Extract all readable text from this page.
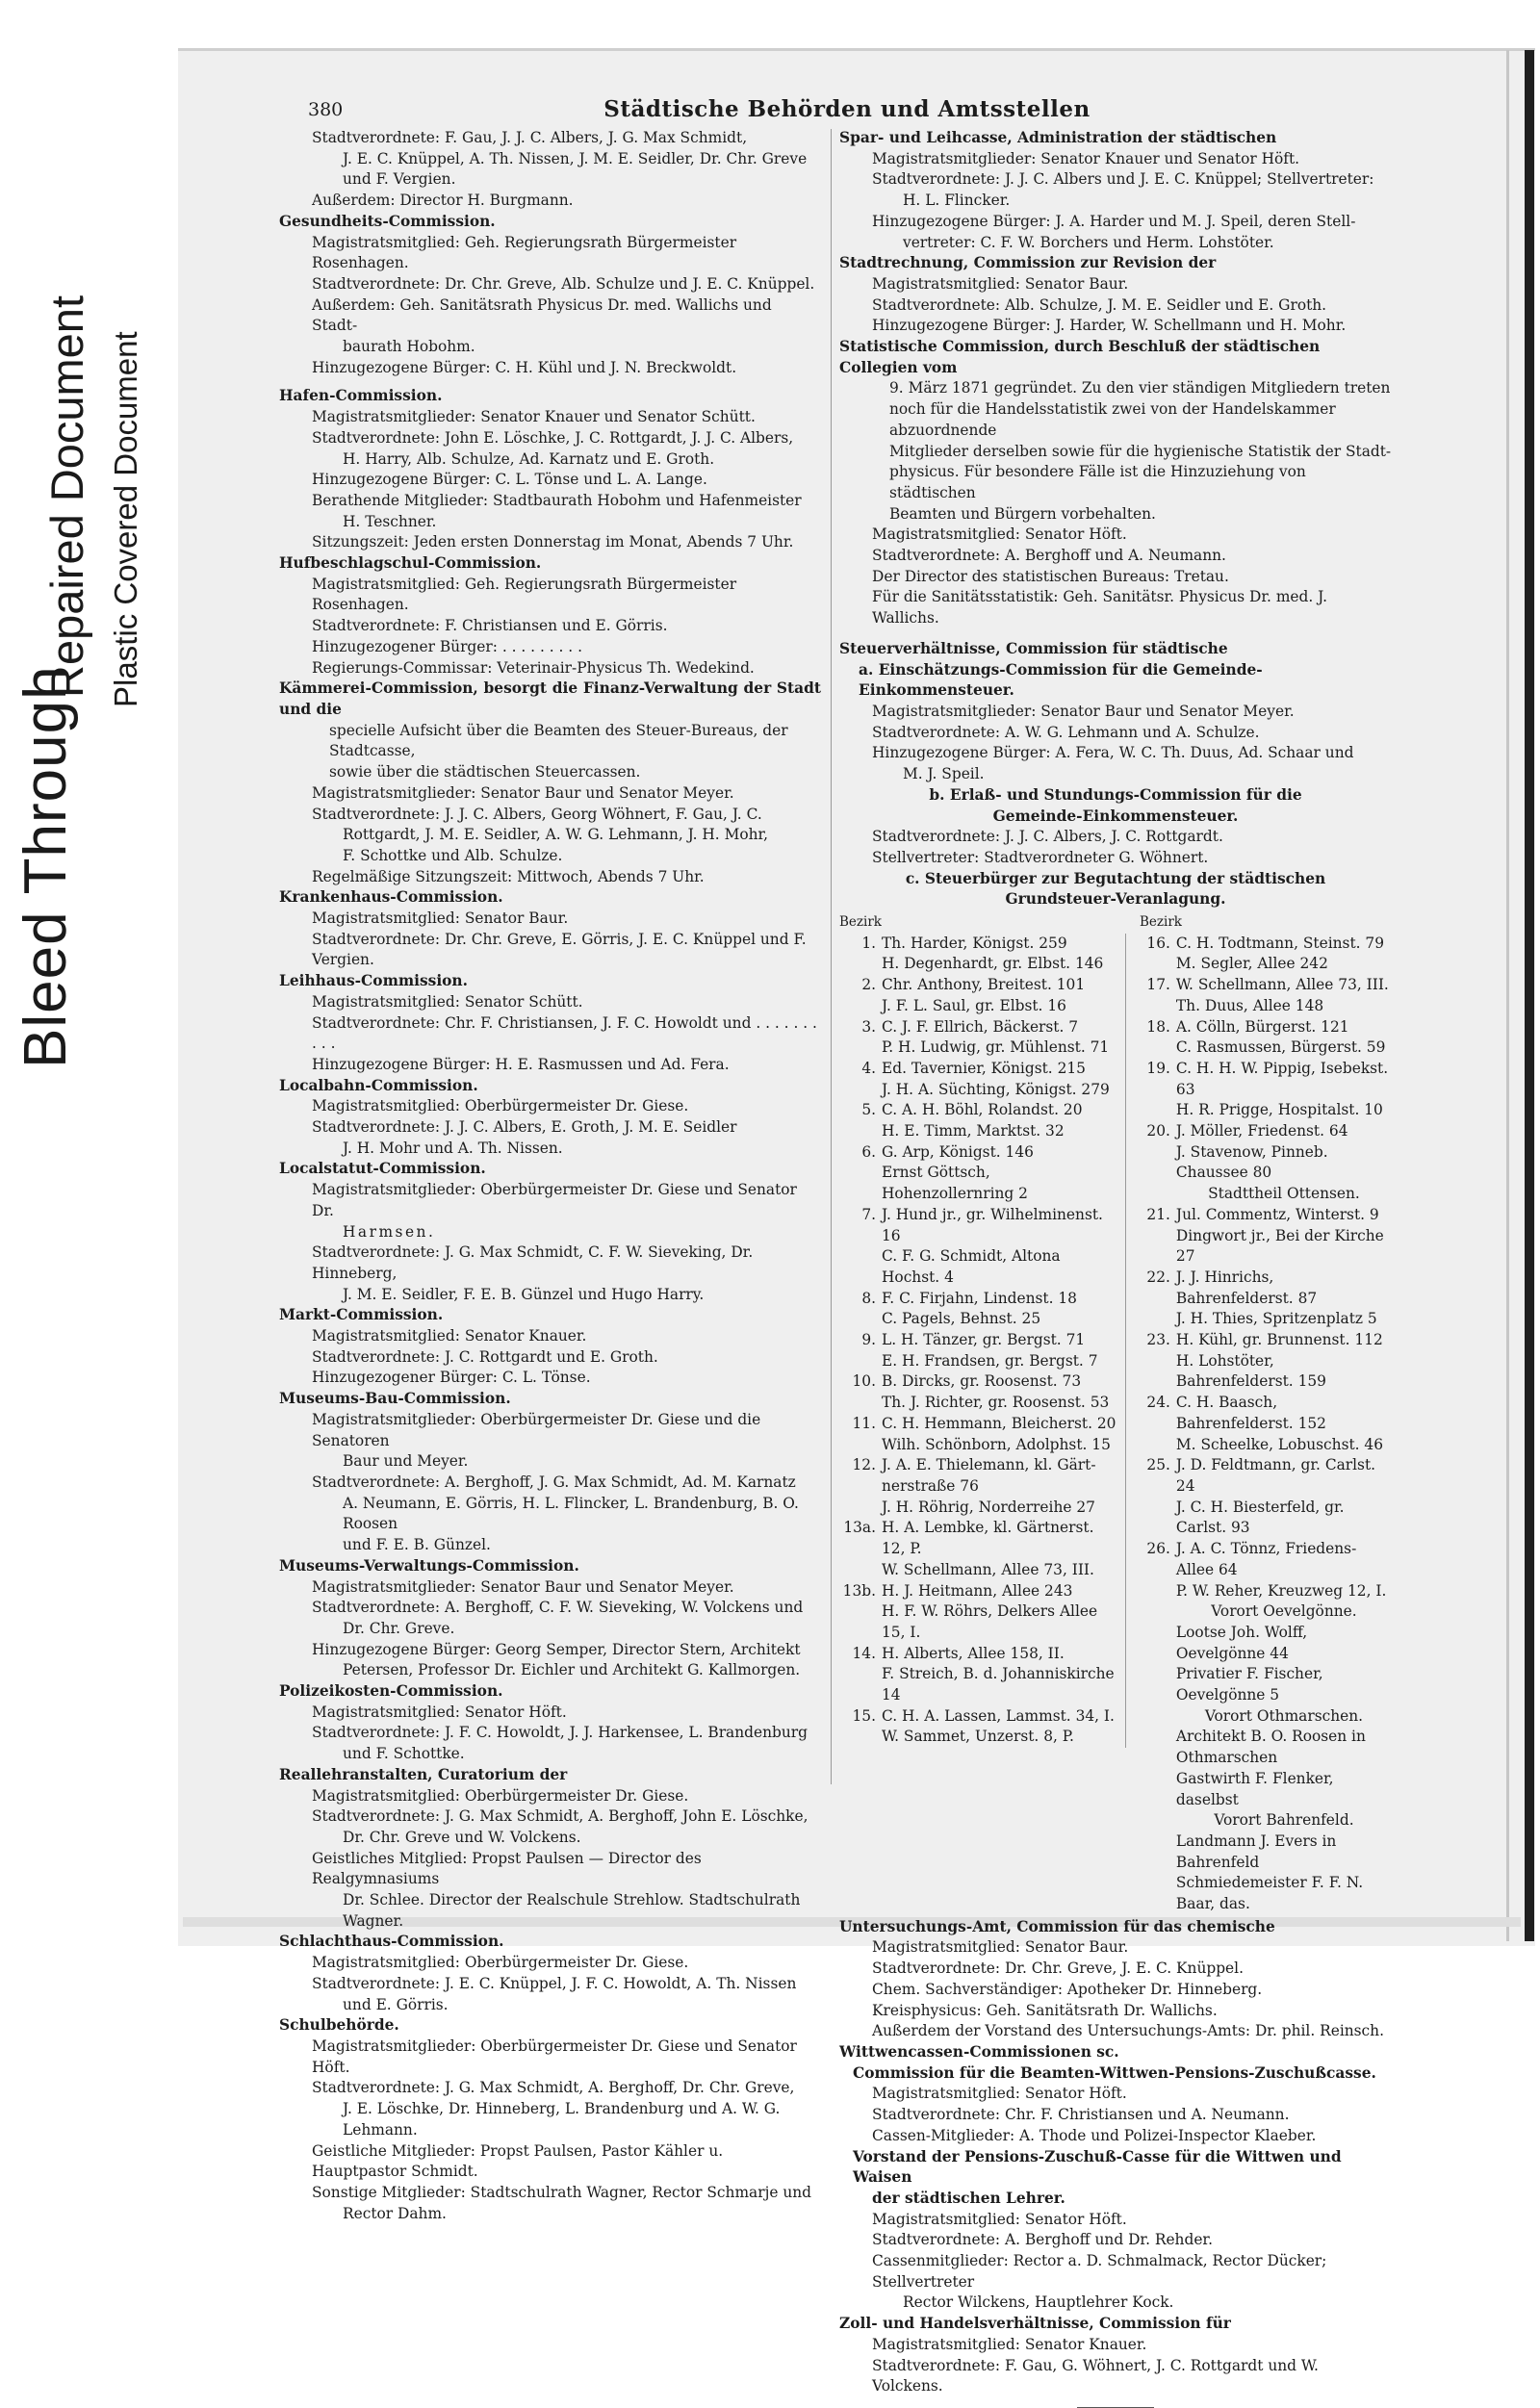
Bleed Through
Repaired Document Plastic Covered Document
380	Städtische Behörden und Amtsstellen

Stadtverordnete: F. Gau, J. J. C. Albers, J. G. Max Schmidt,

J. E. C. Knüppel, A. Th. Nissen, J. M. E. Seidler, Dr. Chr. Greve

und F. Vergien.

Außerdem: Director H. Burgmann.

Gesundheits-Commission.

Magistratsmitglied: Geh. Regierungsrath Bürgermeister Rosenhagen.

Stadtverordnete: Dr. Chr. Greve, Alb. Schulze und J. E. C. Knüppel.

Außerdem: Geh. Sanitätsrath Physicus Dr. med. Wallichs und Stadt-

baurath Hobohm.

Hinzugezogene Bürger: C. H. Kühl und J. N. Breckwoldt.

Hafen-Commission.

Magistratsmitglieder: Senator Knauer und Senator Schütt.

Stadtverordnete: John E. Löschke, J. C. Rottgardt, J. J. C. Albers,

H. Harry, Alb. Schulze, Ad. Karnatz und E. Groth.

Hinzugezogene Bürger: C. L. Tönse und L. A. Lange.

Berathende Mitglieder: Stadtbaurath Hobohm und Hafenmeister

H. Teschner.

Sitzungszeit: Jeden ersten Donnerstag im Monat, Abends 7 Uhr.

Hufbeschlagschul-Commission.

Magistratsmitglied: Geh. Regierungsrath Bürgermeister Rosenhagen.

Stadtverordnete: F. Christiansen und E. Görris.

Hinzugezogener Bürger: . . . . . . . . .

Regierungs-Commissar: Veterinair-Physicus Th. Wedekind.

Kämmerei-Commission, besorgt die Finanz-Verwaltung der Stadt und die

specielle Aufsicht über die Beamten des Steuer-Bureaus, der Stadtcasse,

sowie über die städtischen Steuercassen.

Magistratsmitglieder: Senator Baur und Senator Meyer.

Stadtverordnete: J. J. C. Albers, Georg Wöhnert, F. Gau, J. C.

Rottgardt, J. M. E. Seidler, A. W. G. Lehmann, J. H. Mohr,

F. Schottke und Alb. Schulze.

Regelmäßige Sitzungszeit: Mittwoch, Abends 7 Uhr.

Krankenhaus-Commission.

Magistratsmitglied: Senator Baur.

Stadtverordnete: Dr. Chr. Greve, E. Görris, J. E. C. Knüppel und F. Vergien.

Leihhaus-Commission.

Magistratsmitglied: Senator Schütt.

Stadtverordnete: Chr. F. Christiansen, J. F. C. Howoldt und . . . . . . . . . .

Hinzugezogene Bürger: H. E. Rasmussen und Ad. Fera.

Localbahn-Commission.

Magistratsmitglied: Oberbürgermeister Dr. Giese.

Stadtverordnete: J. J. C. Albers, E. Groth, J. M. E. Seidler

J. H. Mohr und A. Th. Nissen.

Localstatut-Commission.

Magistratsmitglieder: Oberbürgermeister Dr. Giese und Senator Dr.

Harmsen.

Stadtverordnete: J. G. Max Schmidt, C. F. W. Sieveking, Dr. Hinneberg,

J. M. E. Seidler, F. E. B. Günzel und Hugo Harry.

Markt-Commission.

Magistratsmitglied: Senator Knauer.

Stadtverordnete: J. C. Rottgardt und E. Groth.

Hinzugezogener Bürger: C. L. Tönse.

Museums-Bau-Commission.

Magistratsmitglieder: Oberbürgermeister Dr. Giese und die Senatoren

Baur und Meyer.

Stadtverordnete: A. Berghoff, J. G. Max Schmidt, Ad. M. Karnatz

A. Neumann, E. Görris, H. L. Flincker, L. Brandenburg, B. O. Roosen

und F. E. B. Günzel.

Museums-Verwaltungs-Commission.

Magistratsmitglieder: Senator Baur und Senator Meyer.

Stadtverordnete: A. Berghoff, C. F. W. Sieveking, W. Volckens und

Dr. Chr. Greve.

Hinzugezogene Bürger: Georg Semper, Director Stern, Architekt

Petersen, Professor Dr. Eichler und Architekt G. Kallmorgen.

Polizeikosten-Commission.

Magistratsmitglied: Senator Höft.

Stadtverordnete: J. F. C. Howoldt, J. J. Harkensee, L. Brandenburg

und F. Schottke.

Reallehranstalten, Curatorium der

Magistratsmitglied: Oberbürgermeister Dr. Giese.

Stadtverordnete: J. G. Max Schmidt, A. Berghoff, John E. Löschke,

Dr. Chr. Greve und W. Volckens.

Geistliches Mitglied: Propst Paulsen — Director des Realgymnasiums

Dr. Schlee. Director der Realschule Strehlow. Stadtschulrath Wagner.

Schlachthaus-Commission.

Magistratsmitglied: Oberbürgermeister Dr. Giese.

Stadtverordnete: J. E. C. Knüppel, J. F. C. Howoldt, A. Th. Nissen

und E. Görris.

Schulbehörde.

Magistratsmitglieder: Oberbürgermeister Dr. Giese und Senator Höft.

Stadtverordnete: J. G. Max Schmidt, A. Berghoff, Dr. Chr. Greve,

J. E. Löschke, Dr. Hinneberg, L. Brandenburg und A. W. G. Lehmann.

Geistliche Mitglieder: Propst Paulsen, Pastor Kähler u. Hauptpastor Schmidt.

Sonstige Mitglieder: Stadtschulrath Wagner, Rector Schmarje und

Rector Dahm.

Spar- und Leihcasse, Administration der städtischen

Magistratsmitglieder: Senator Knauer und Senator Höft.

Stadtverordnete: J. J. C. Albers und J. E. C. Knüppel; Stellvertreter:

H. L. Flincker.

Hinzugezogene Bürger: J. A. Harder und M. J. Speil, deren Stell-

vertreter: C. F. W. Borchers und Herm. Lohstöter.

Stadtrechnung, Commission zur Revision der

Magistratsmitglied: Senator Baur.

Stadtverordnete: Alb. Schulze, J. M. E. Seidler und E. Groth.

Hinzugezogene Bürger: J. Harder, W. Schellmann und H. Mohr.

Statistische Commission, durch Beschluß der städtischen Collegien vom

9. März 1871 gegründet. Zu den vier ständigen Mitgliedern treten

noch für die Handelsstatistik zwei von der Handelskammer abzuordnende

Mitglieder derselben sowie für die hygienische Statistik der Stadt-

physicus. Für besondere Fälle ist die Hinzuziehung von städtischen

Beamten und Bürgern vorbehalten.

Magistratsmitglied: Senator Höft.

Stadtverordnete: A. Berghoff und A. Neumann.

Der Director des statistischen Bureaus: Tretau.

Für die Sanitätsstatistik: Geh. Sanitätsr. Physicus Dr. med. J. Wallichs.

Steuerverhältnisse, Commission für städtische

a. Einschätzungs-Commission für die Gemeinde-Einkommensteuer.

Magistratsmitglieder: Senator Baur und Senator Meyer.

Stadtverordnete: A. W. G. Lehmann und A. Schulze.

Hinzugezogene Bürger: A. Fera, W. C. Th. Duus, Ad. Schaar und

M. J. Speil.

b. Erlaß- und Stundungs-Commission für die

Gemeinde-Einkommensteuer.

Stadtverordnete: J. J. C. Albers, J. C. Rottgardt.

Stellvertreter: Stadtverordneter G. Wöhnert.

c. Steuerbürger zur Begutachtung der städtischen

Grundsteuer-Veranlagung.

Bezirk	Bezirk
1. Th. Harder, Königst. 259
H. Degenhardt, gr. Elbst. 146
2. Chr. Anthony, Breitest. 101
J. F. L. Saul, gr. Elbst. 16
3. C. J. F. Ellrich, Bäckerst. 7
P. H. Ludwig, gr. Mühlenst. 71
4. Ed. Tavernier, Königst. 215
J. H. A. Süchting, Königst. 279
5. C. A. H. Böhl, Rolandst. 20
H. E. Timm, Marktst. 32
6. G. Arp, Königst. 146
Ernst Göttsch, Hohenzollernring 2
7. J. Hund jr., gr. Wilhelminenst. 16
C. F. G. Schmidt, Altona Hochst. 4
8. F. C. Firjahn, Lindenst. 18
C. Pagels, Behnst. 25
9. L. H. Tänzer, gr. Bergst. 71
E. H. Frandsen, gr. Bergst. 7
10. B. Dircks, gr. Roosenst. 73
Th. J. Richter, gr. Roosenst. 53
11. C. H. Hemmann, Bleicherst. 20
Wilh. Schönborn, Adolphst. 15
12. J. A. E. Thielemann, kl. Gärt-
nerstraße 76
J. H. Röhrig, Norderreihe 27
13a. H. A. Lembke, kl. Gärtnerst. 12, P.
W. Schellmann, Allee 73, III.
13b. H. J. Heitmann, Allee 243
H. F. W. Röhrs, Delkers Allee 15, I.
14. H. Alberts, Allee 158, II.
F. Streich, B. d. Johanniskirche 14
15. C. H. A. Lassen, Lammst. 34, I.
W. Sammet, Unzerst. 8, P.
16. C. H. Todtmann, Steinst. 79
M. Segler, Allee 242
17. W. Schellmann, Allee 73, III.
Th. Duus, Allee 148
18. A. Cölln, Bürgerst. 121
C. Rasmussen, Bürgerst. 59
19. C. H. H. W. Pippig, Isebekst. 63
H. R. Prigge, Hospitalst. 10
20. J. Möller, Friedenst. 64
J. Stavenow, Pinneb. Chaussee 80
Stadttheil Ottensen.
21. Jul. Commentz, Winterst. 9
Dingwort jr., Bei der Kirche 27
22. J. J. Hinrichs, Bahrenfelderst. 87
J. H. Thies, Spritzenplatz 5
23. H. Kühl, gr. Brunnenst. 112
H. Lohstöter, Bahrenfelderst. 159
24. C. H. Baasch, Bahrenfelderst. 152
M. Scheelke, Lobuschst. 46
25. J. D. Feldtmann, gr. Carlst. 24
J. C. H. Biesterfeld, gr. Carlst. 93
26. J. A. C. Tönnz, Friedens-Allee 64
P. W. Reher, Kreuzweg 12, I.
Vorort Oevelgönne.
Lootse Joh. Wolff, Oevelgönne 44
Privatier F. Fischer, Oevelgönne 5
Vorort Othmarschen.
Architekt B. O. Roosen in Othmarschen
Gastwirth F. Flenker, daselbst
Vorort Bahrenfeld.
Landmann J. Evers in Bahrenfeld
Schmiedemeister F. F. N. Baar, das.

Untersuchungs-Amt, Commission für das chemische

Magistratsmitglied: Senator Baur.

Stadtverordnete: Dr. Chr. Greve, J. E. C. Knüppel.

Chem. Sachverständiger: Apotheker Dr. Hinneberg.

Kreisphysicus: Geh. Sanitätsrath Dr. Wallichs.

Außerdem der Vorstand des Untersuchungs-Amts: Dr. phil. Reinsch.

Wittwencassen-Commissionen sc.

Commission für die Beamten-Wittwen-Pensions-Zuschußcasse.

Magistratsmitglied: Senator Höft.

Stadtverordnete: Chr. F. Christiansen und A. Neumann.

Cassen-Mitglieder: A. Thode und Polizei-Inspector Klaeber.

Vorstand der Pensions-Zuschuß-Casse für die Wittwen und Waisen

der städtischen Lehrer.

Magistratsmitglied: Senator Höft.

Stadtverordnete: A. Berghoff und Dr. Rehder.

Cassenmitglieder: Rector a. D. Schmalmack, Rector Dücker; Stellvertreter

Rector Wilckens, Hauptlehrer Kock.

Zoll- und Handelsverhältnisse, Commission für

Magistratsmitglied: Senator Knauer.

Stadtverordnete: F. Gau, G. Wöhnert, J. C. Rottgardt und W. Volckens.
